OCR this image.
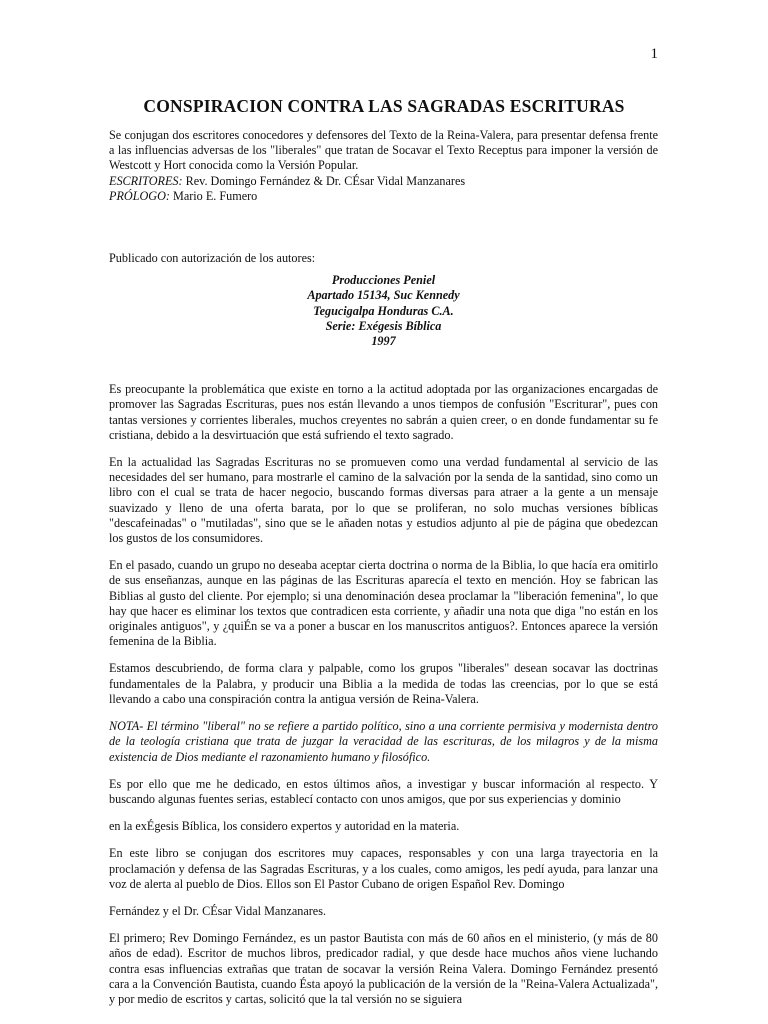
1
CONSPIRACION CONTRA LAS SAGRADAS ESCRITURAS

Se conjugan dos escritores conocedores y defensores del Texto de la Reina-Valera, para presentar defensa frente a las influencias adversas de los "liberales" que tratan de Socavar el Texto Receptus para imponer la versión de Westcott y Hort conocida como la Versión Popular.

ESCRITORES: Rev. Domingo Fernández & Dr. CÉsar Vidal Manzanares

PRÓLOGO: Mario E. Fumero

Publicado con autorización de los autores:

Producciones Peniel
Apartado 15134, Suc Kennedy
Tegucigalpa Honduras C.A.
Serie: Exégesis Bíblica
1997

Es preocupante la problemática que existe en torno a la actitud adoptada por las organizaciones encargadas de promover las Sagradas Escrituras, pues nos están llevando a unos tiempos de confusión "Escriturar", pues con tantas versiones y corrientes liberales, muchos creyentes no sabrán a quien creer, o en donde fundamentar su fe cristiana, debido a la desvirtuación que está sufriendo el texto sagrado.

En la actualidad las Sagradas Escrituras no se promueven como una verdad fundamental al servicio de las necesidades del ser humano, para mostrarle el camino de la salvación por la senda de la santidad, sino como un libro con el cual se trata de hacer negocio, buscando formas diversas para atraer a la gente a un mensaje suavizado y lleno de una oferta barata, por lo que se proliferan, no solo muchas versiones bíblicas "descafeinadas" o "mutiladas", sino que se le añaden notas y estudios adjunto al pie de página que obedezcan los gustos de los consumidores.

En el pasado, cuando un grupo no deseaba aceptar cierta doctrina o norma de la Biblia, lo que hacía era omitirlo de sus enseñanzas, aunque en las páginas de las Escrituras aparecía el texto en mención. Hoy se fabrican las Biblias al gusto del cliente. Por ejemplo; si una denominación desea proclamar la "liberación femenina", lo que hay que hacer es eliminar los textos que contradicen esta corriente, y añadir una nota que diga "no están en los originales antiguos", y ¿quiÉn se va a poner a buscar en los manuscritos antiguos?. Entonces aparece la versión femenina de la Biblia.

Estamos descubriendo, de forma clara y palpable, como los grupos "liberales" desean socavar las doctrinas fundamentales de la Palabra, y producir una Biblia a la medida de todas las creencias, por lo que se está llevando a cabo una conspiración contra la antigua versión de Reina-Valera.

NOTA- El término "liberal" no se refiere a partido político, sino a una corriente permisiva y modernista dentro de la teología cristiana que trata de juzgar la veracidad de las escrituras, de los milagros y de la misma existencia de Dios mediante el razonamiento humano y filosófico.

Es por ello que me he dedicado, en estos últimos años, a investigar y buscar información al respecto. Y buscando algunas fuentes serias, establecí contacto con unos amigos, que por sus experiencias y dominio

en la exÉgesis Bíblica, los considero expertos y autoridad en la materia.

En este libro se conjugan dos escritores muy capaces, responsables y con una larga trayectoria en la proclamación y defensa de las Sagradas Escrituras, y a los cuales, como amigos, les pedí ayuda, para lanzar una voz de alerta al pueblo de Dios. Ellos son El Pastor Cubano de origen Español Rev. Domingo

Fernández y el Dr. CÉsar Vidal Manzanares.

El primero; Rev Domingo Fernández, es un pastor Bautista con más de 60 años en el ministerio, (y más de 80 años de edad). Escritor de muchos libros, predicador radial, y que desde hace muchos años viene luchando contra esas influencias extrañas que tratan de socavar la versión Reina Valera. Domingo Fernández presentó cara a la Convención Bautista, cuando Ésta apoyó la publicación de la versión de la "Reina-Valera Actualizada", y por medio de escritos y cartas, solicitó que la tal versión no se siguiera
